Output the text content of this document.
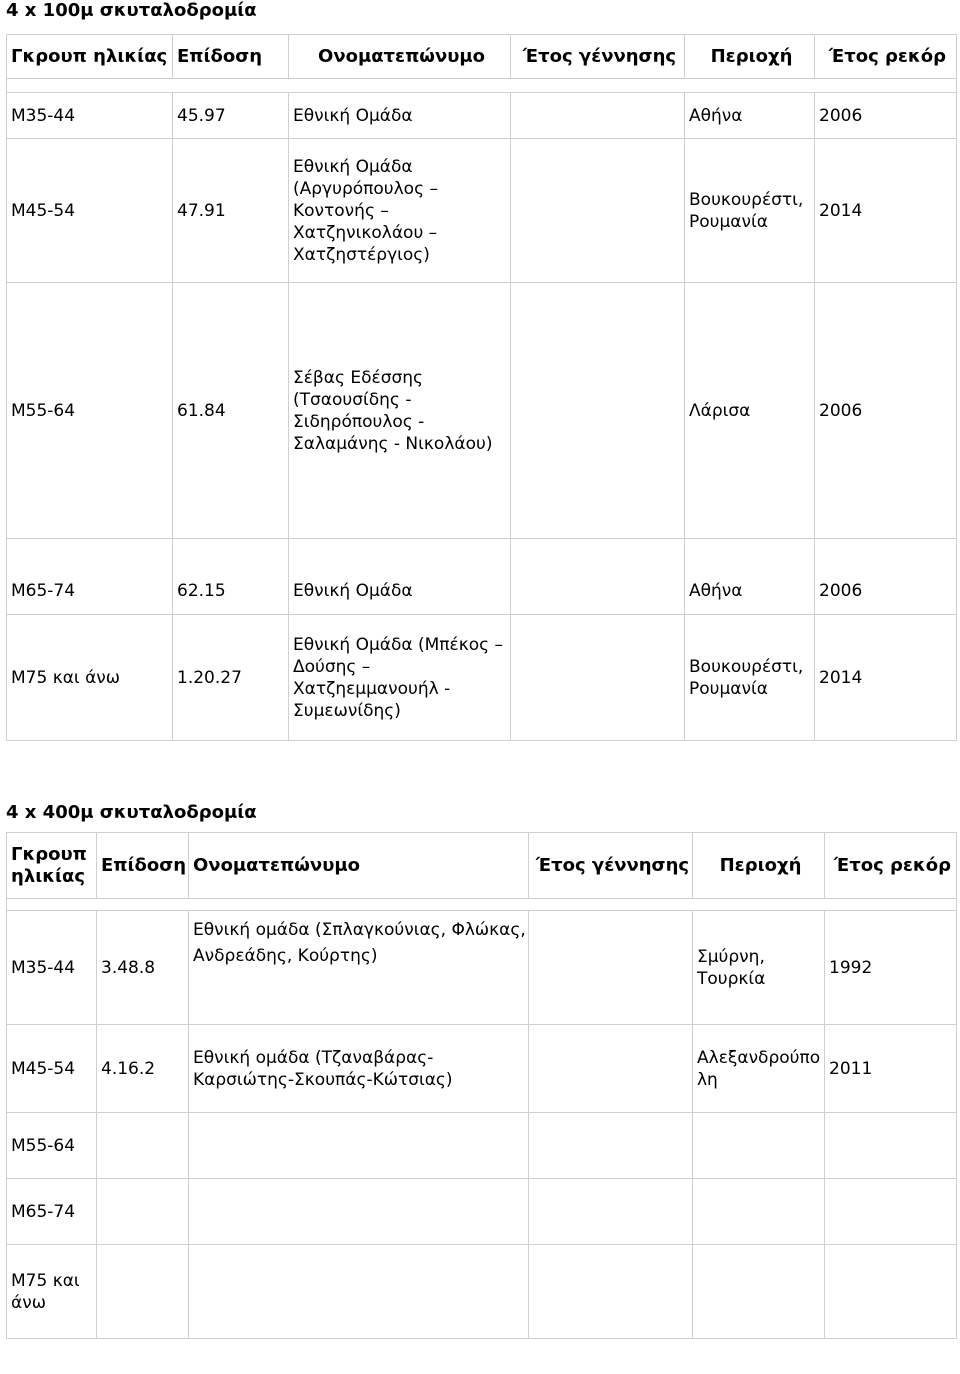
4 x 100μ σκυταλοδρομία
Γκρουπ ηλικίας	Επίδοση	Ονοματεπώνυμο	Έτος γέννησης	Περιοχή	Έτος ρεκόρ

M35-44	45.97	Εθνική Ομάδα		Αθήνα	2006
M45-54	47.91	Εθνική Ομάδα (Αργυρόπουλος – Κοντονής – Χατζηνικολάου – Χατζηστέργιος)		Βουκουρέστι, Ρουμανία	2014
M55-64	61.84	Σέβας Εδέσσης (Τσαουσίδης - Σιδηρόπουλος - Σαλαμάνης - Νικολάου)		Λάρισα	2006
M65-74	62.15	Εθνική Ομάδα		Αθήνα	2006
M75 και άνω	1.20.27	Εθνική Ομάδα (Μπέκος – Δούσης – Χατζηεμμανουήλ - Συμεωνίδης)		Βουκουρέστι, Ρουμανία	2014
4 x 400μ σκυταλοδρομία
Γκρουπ ηλικίας	Επίδοση	Ονοματεπώνυμο	Έτος γέννησης	Περιοχή	Έτος ρεκόρ

M35-44	3.48.8	Εθνική ομάδα (Σπλαγκούνιας, Φλώκας, Ανδρεάδης, Κούρτης)		Σμύρνη, Τουρκία	1992
M45-54	4.16.2	Εθνική ομάδα (Τζαναβάρας-Καρσιώτης-Σκουπάς-Κώτσιας)		Αλεξανδρούπολη	2011
M55-64					
M65-74					
M75 και άνω					
